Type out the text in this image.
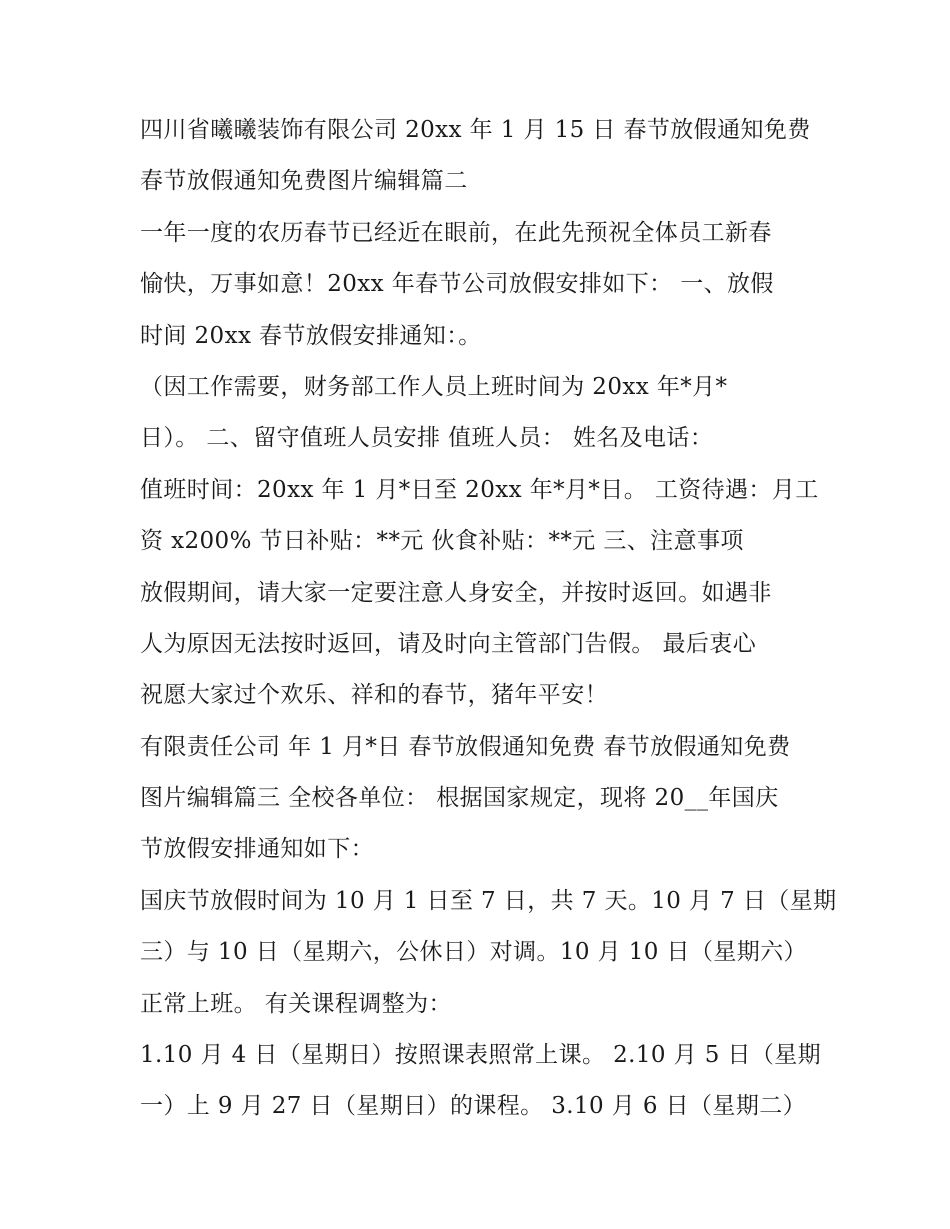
四川省曦曦装饰有限公司 20xx 年 1 月 15 日 春节放假通知免费
春节放假通知免费图片编辑篇二
一年一度的农历春节已经近在眼前，在此先预祝全体员工新春
愉快，万事如意！20xx 年春节公司放假安排如下： 一、放假
时间 20xx 春节放假安排通知：。
（因工作需要，财务部工作人员上班时间为 20xx 年*月*
日）。 二、留守值班人员安排 值班人员： 姓名及电话：
值班时间：20xx 年 1 月*日至 20xx 年*月*日。 工资待遇：月工
资 x200% 节日补贴：**元 伙食补贴：**元 三、注意事项
放假期间，请大家一定要注意人身安全，并按时返回。如遇非
人为原因无法按时返回，请及时向主管部门告假。 最后衷心
祝愿大家过个欢乐、祥和的春节，猪年平安！
有限责任公司 年 1 月*日 春节放假通知免费 春节放假通知免费
图片编辑篇三 全校各单位： 根据国家规定，现将 20__年国庆
节放假安排通知如下：
国庆节放假时间为 10 月 1 日至 7 日，共 7 天。10 月 7 日（星期
三）与 10 日（星期六，公休日）对调。10 月 10 日（星期六）
正常上班。 有关课程调整为：
1.10 月 4 日（星期日）按照课表照常上课。 2.10 月 5 日（星期
一）上 9 月 27 日（星期日）的课程。 3.10 月 6 日（星期二）
